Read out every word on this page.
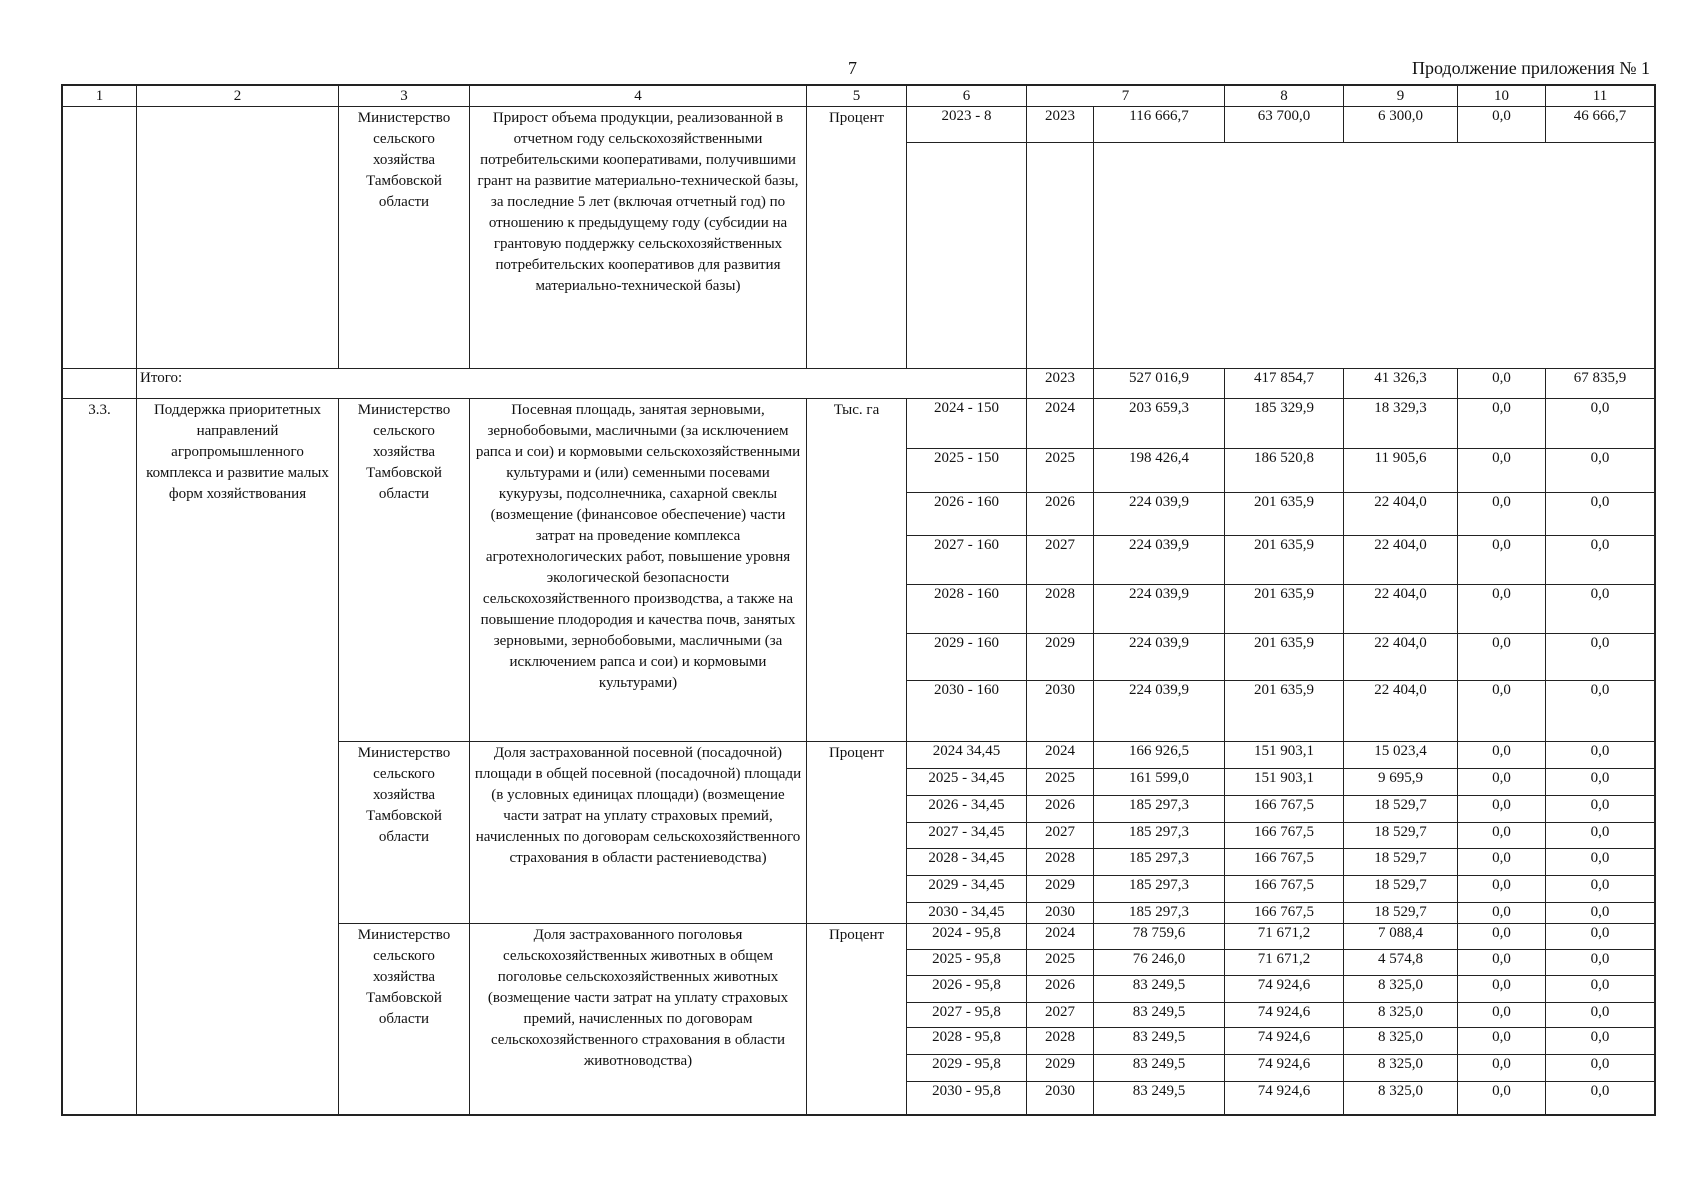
7	Продолжение приложения № 1
1	2	3	4	5	6	7		8	9	10	11
		Министерство сельского хозяйства Тамбовской области	Прирост объема продукции, реализованной в отчетном году сельскохозяйственными потребительскими кооперативами, получившими грант на развитие материально-технической базы, за последние 5 лет (включая отчетный год) по отношению к предыдущему году (субсидии на грантовую поддержку сельскохозяйственных потребительских кооперативов для развития материально-технической базы)	Процент	2023 - 8	2023	116 666,7	63 700,0	6 300,0	0,0	46 666,7

	Итого:					2023	527 016,9	417 854,7	41 326,3	0,0	67 835,9
3.3.	Поддержка приоритетных направлений агропромышленного комплекса и развитие малых форм хозяйствования	Министерство сельского хозяйства Тамбовской области	Посевная площадь, занятая зерновыми, зернобобовыми, масличными (за исключением рапса и сои) и кормовыми сельскохозяйственными культурами и (или) семенными посевами кукурузы, подсолнечника, сахарной свеклы (возмещение (финансовое обеспечение) части затрат на проведение комплекса агротехнологических работ, повышение уровня экологической безопасности сельскохозяйственного производства, а также на повышение плодородия и качества почв, занятых зерновыми, зернобобовыми, масличными (за исключением рапса и сои) и кормовыми культурами)	Тыс. га	2024 - 150	2024	203 659,3	185 329,9	18 329,3	0,0	0,0
					2025 - 150	2025	198 426,4	186 520,8	11 905,6	0,0	0,0
					2026 - 160	2026	224 039,9	201 635,9	22 404,0	0,0	0,0
					2027 - 160	2027	224 039,9	201 635,9	22 404,0	0,0	0,0
					2028 - 160	2028	224 039,9	201 635,9	22 404,0	0,0	0,0
					2029 - 160	2029	224 039,9	201 635,9	22 404,0	0,0	0,0
					2030 - 160	2030	224 039,9	201 635,9	22 404,0	0,0	0,0
		Министерство сельского хозяйства Тамбовской области	Доля застрахованной посевной (посадочной) площади в общей посевной (посадочной) площади (в условных единицах площади) (возмещение части затрат на уплату страховых премий, начисленных по договорам сельскохозяйственного страхования в области растениеводства)	Процент	2024 34,45	2024	166 926,5	151 903,1	15 023,4	0,0	0,0
					2025 - 34,45	2025	161 599,0	151 903,1	9 695,9	0,0	0,0
					2026 - 34,45	2026	185 297,3	166 767,5	18 529,7	0,0	0,0
					2027 - 34,45	2027	185 297,3	166 767,5	18 529,7	0,0	0,0
					2028 - 34,45	2028	185 297,3	166 767,5	18 529,7	0,0	0,0
					2029 - 34,45	2029	185 297,3	166 767,5	18 529,7	0,0	0,0
					2030 - 34,45	2030	185 297,3	166 767,5	18 529,7	0,0	0,0
		Министерство сельского хозяйства Тамбовской области	Доля застрахованного поголовья сельскохозяйственных животных в общем поголовье сельскохозяйственных животных (возмещение части затрат на уплату страховых премий, начисленных по договорам сельскохозяйственного страхования в области животноводства)	Процент	2024 - 95,8	2024	78 759,6	71 671,2	7 088,4	0,0	0,0
					2025 - 95,8	2025	76 246,0	71 671,2	4 574,8	0,0	0,0
					2026 - 95,8	2026	83 249,5	74 924,6	8 325,0	0,0	0,0
					2027 - 95,8	2027	83 249,5	74 924,6	8 325,0	0,0	0,0
					2028 - 95,8	2028	83 249,5	74 924,6	8 325,0	0,0	0,0
					2029 - 95,8	2029	83 249,5	74 924,6	8 325,0	0,0	0,0
					2030 - 95,8	2030	83 249,5	74 924,6	8 325,0	0,0	0,0
